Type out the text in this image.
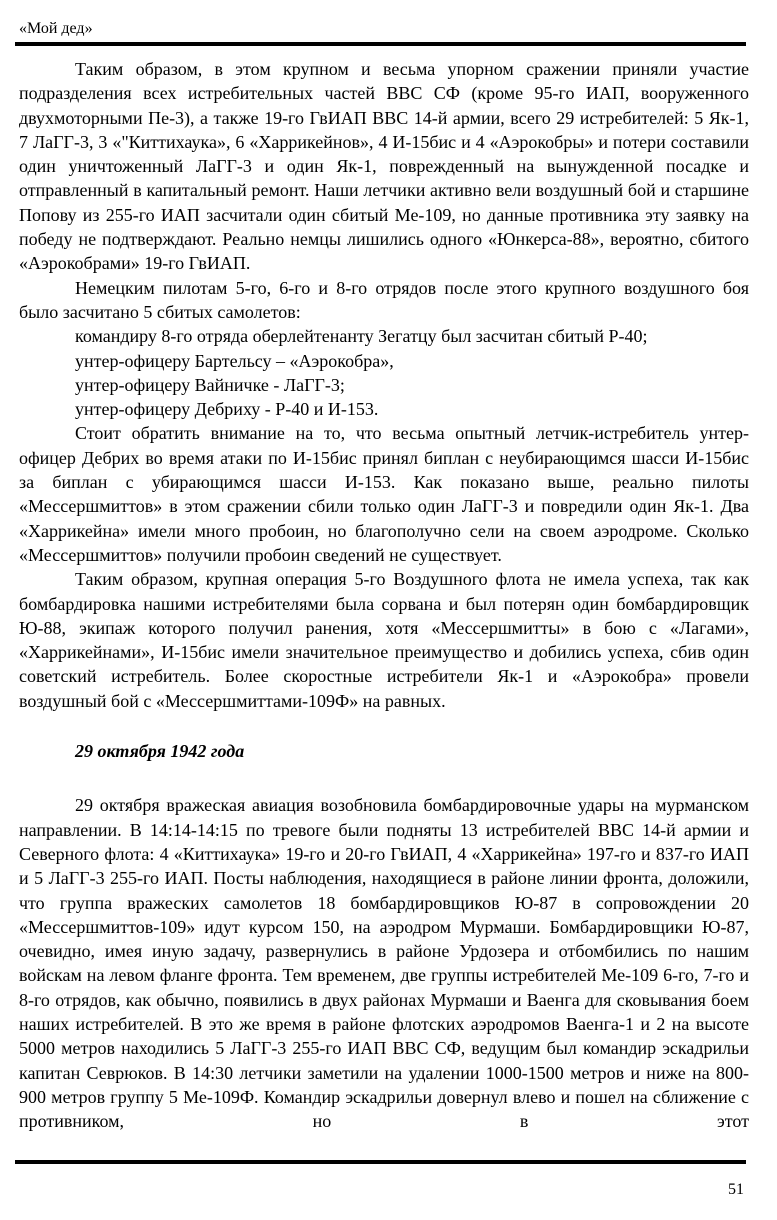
«Мой дед»

Таким образом, в этом крупном и весьма упорном сражении приняли участие подразделения всех истребительных частей ВВС СФ (кроме 95-го ИАП, вооруженного двухмоторными Пе-3), а также 19-го ГвИАП ВВС 14-й армии, всего 29 истребителей: 5 Як-1, 7 ЛаГГ-3, 3 «"Киттихаука», 6 «Харрикейнов», 4 И-15бис и 4 «Аэрокобры» и потери составили один уничтоженный ЛаГГ-3 и один Як-1, поврежденный на вынужденной посадке и отправленный в капитальный ремонт. Наши летчики активно вели воздушный бой и старшине Попову из 255-го ИАП засчитали один сбитый Ме-109, но данные противника эту заявку на победу не подтверждают. Реально немцы лишились одного «Юнкерса-88», вероятно, сбитого «Аэрокобрами» 19-го ГвИАП.

Немецким пилотам 5-го, 6-го и 8-го отрядов после этого крупного воздушного боя было засчитано 5 сбитых самолетов:

командиру 8-го отряда оберлейтенанту Зегатцу был засчитан сбитый Р-40;

унтер-офицеру Бартельсу – «Аэрокобра»,

унтер-офицеру Вайничке - ЛаГГ-3;

унтер-офицеру Дебриху - Р-40 и И-153.

Стоит обратить внимание на то, что весьма опытный летчик-истребитель унтер-офицер Дебрих во время атаки по И-15бис принял биплан с неубирающимся шасси И-15бис за биплан с убирающимся шасси И-153. Как показано выше, реально пилоты «Мессершмиттов» в этом сражении сбили только один ЛаГГ-3 и повредили один Як-1. Два «Харрикейна» имели много пробоин, но благополучно сели на своем аэродроме. Сколько «Мессершмиттов» получили пробоин сведений не существует.

Таким образом, крупная операция 5-го Воздушного флота не имела успеха, так как бомбардировка нашими истребителями была сорвана и был потерян один бомбардировщик Ю-88, экипаж которого получил ранения, хотя «Мессершмитты» в бою с «Лагами», «Харрикейнами», И-15бис имели значительное преимущество и добились успеха, сбив один советский истребитель. Более скоростные истребители Як-1 и «Аэрокобра» провели воздушный бой с «Мессершмиттами-109Ф» на равных.

29 октября 1942 года

29 октября вражеская авиация возобновила бомбардировочные удары на мурманском направлении. В 14:14-14:15 по тревоге были подняты 13 истребителей ВВС 14-й армии и Северного флота: 4 «Киттихаука» 19-го и 20-го ГвИАП, 4 «Харрикейна» 197-го и 837-го ИАП и 5 ЛаГГ-3 255-го ИАП. Посты наблюдения, находящиеся в районе линии фронта, доложили, что группа вражеских самолетов 18 бомбардировщиков Ю-87 в сопровождении 20 «Мессершмиттов-109» идут курсом 150, на аэродром Мурмаши. Бомбардировщики Ю-87, очевидно, имея иную задачу, развернулись в районе Урдозера и отбомбились по нашим войскам на левом фланге фронта. Тем временем, две группы истребителей Ме-109 6-го, 7-го и 8-го отрядов, как обычно, появились в двух районах Мурмаши и Ваенга для сковывания боем наших истребителей. В это же время в районе флотских аэродромов Ваенга-1 и 2 на высоте 5000 метров находились 5 ЛаГГ-3 255-го ИАП ВВС СФ, ведущим был командир эскадрильи капитан Севрюков. В 14:30 летчики заметили на удалении 1000-1500 метров и ниже на 800-900 метров группу 5 Ме-109Ф. Командир эскадрильи довернул влево и пошел на сближение с противником, но в этот

51
